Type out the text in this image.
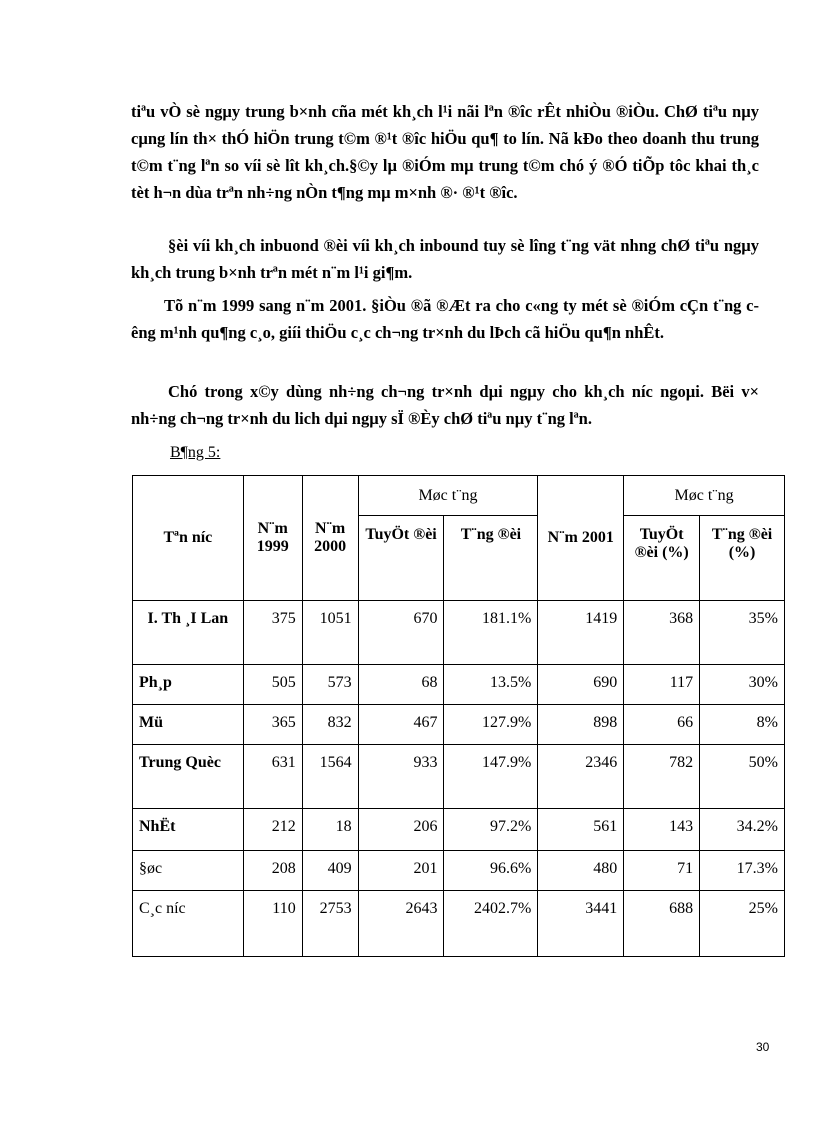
tiªu vÒ sè ngµy trung b×nh cña mét kh¸ch l¹i nãi lªn ®îc rÊt nhiÒu ®iÒu. ChØ tiªu nµy cµng lín th× thÓ hiÖn trung t©m ®¹t ®îc hiÖu qu¶ to lín. Nã kÐo theo doanh thu trung t©m t¨ng lªn so víi sè lît kh¸ch.§©y lµ ®iÓm mµ trung t©m chó ý ®Ó tiÕp tôc khai th¸c tèt h¬n dùa trªn nh÷ng nÒn t¶ng mµ m×nh ®· ®¹t ®îc.

§èi víi kh¸ch inbuond ®èi víi kh¸ch inbound tuy sè lîng t¨ng vät nhng chØ tiªu ngµy kh¸ch trung b×nh trªn mét n¨m l¹i gi¶m.

Tõ n¨m 1999 sang n¨m 2001. §iÒu ®ã ®Æt ra cho c«ng ty mét sè ®iÓm cÇn t¨ng cêng m¹nh qu¶ng c¸o, giíi thiÖu c¸c ch¬ng tr×nh du lÞch cã hiÖu qu¶n nhÊt.

Chó trong x©y dùng nh÷ng ch¬ng tr×nh dµi ngµy cho kh¸ch níc ngoµi. Bëi v× nh÷ng ch¬ng tr×nh du lich dµi ngµy sÏ ®Èy chØ tiªu nµy t¨ng lªn.

B¶ng 5:

Tªn níc	N¨m 1999	N¨m 2000	Møc t¨ng		N¨m 2001	Møc t¨ng	
			TuyÖt ®èi	T¨ng ®èi		TuyÖt ®èi (%)	T¨ng ®èi (%)
I. Th ¸I Lan	375	1051	670	181.1%	1419	368	35%
Ph¸p	505	573	68	13.5%	690	117	30%
Mü	365	832	467	127.9%	898	66	8%
Trung Quèc	631	1564	933	147.9%	2346	782	50%
NhËt	212	18	206	97.2%	561	143	34.2%
§øc	208	409	201	96.6%	480	71	17.3%
C¸c níc	110	2753	2643	2402.7%	3441	688	25%
30
